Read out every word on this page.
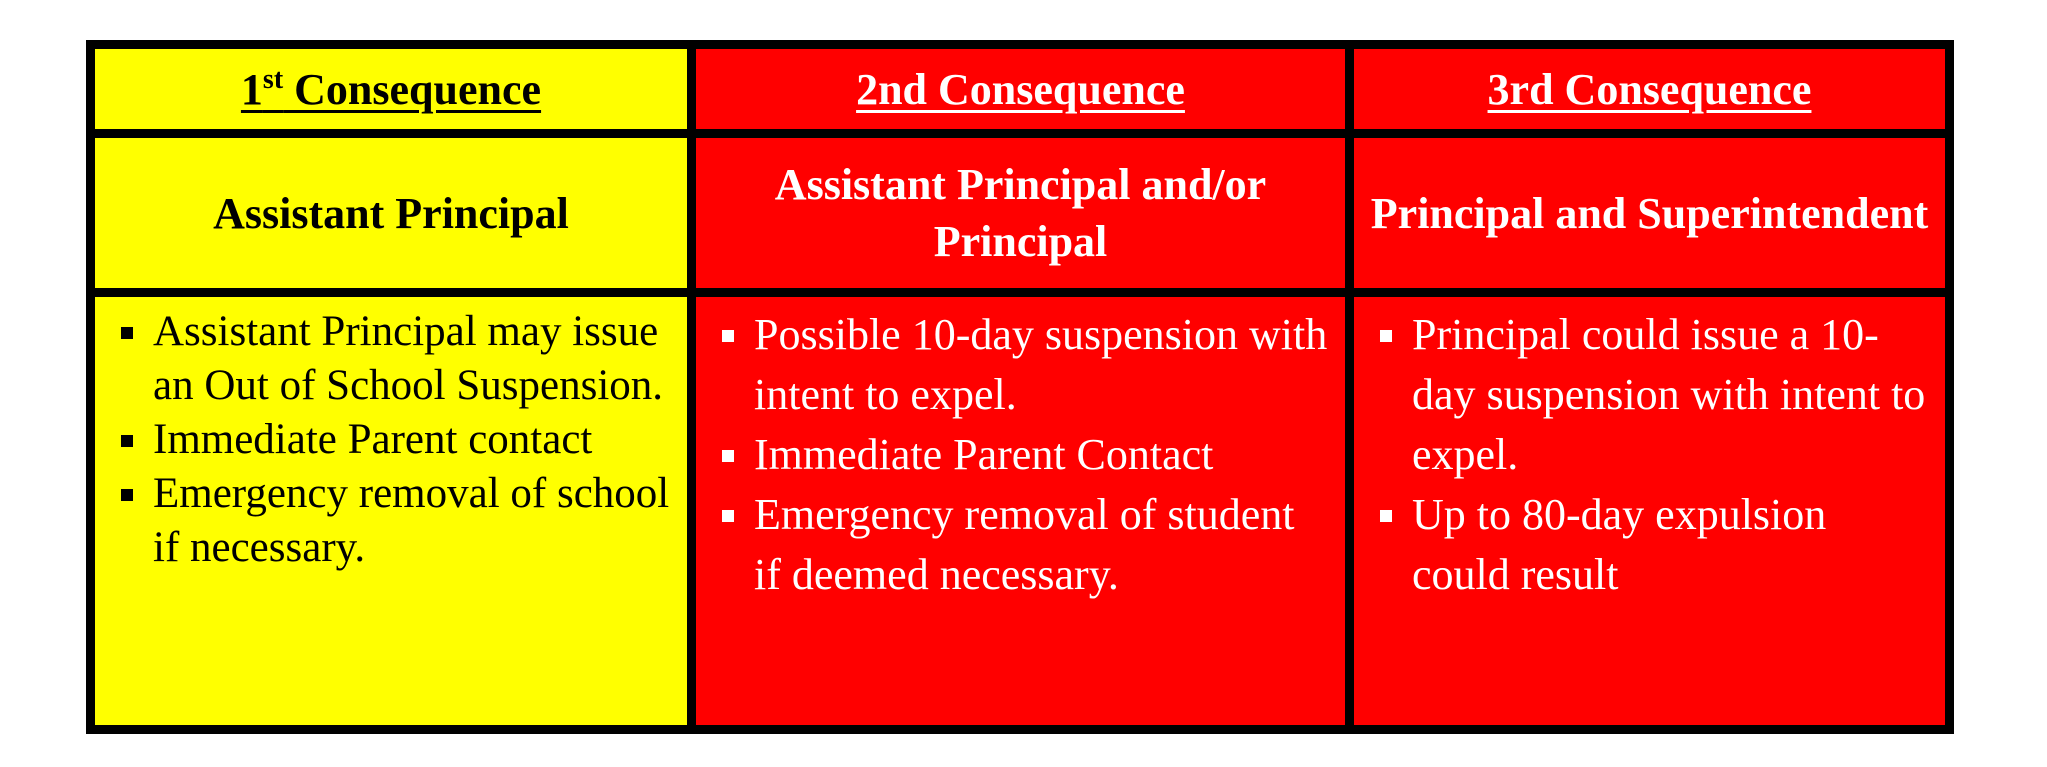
1st Consequence	2nd Consequence	3rd Consequence
Assistant Principal
Assistant Principal and/or Principal
Principal and Superintendent
Assistant Principal may issue an Out of School Suspension.
Immediate Parent contact
Emergency removal of school if necessary.
Possible 10-day suspension with intent to expel.
Immediate Parent Contact
Emergency removal of student if deemed necessary.
Principal could issue a 10-day suspension with intent to expel.
Up to 80-day expulsion could result
